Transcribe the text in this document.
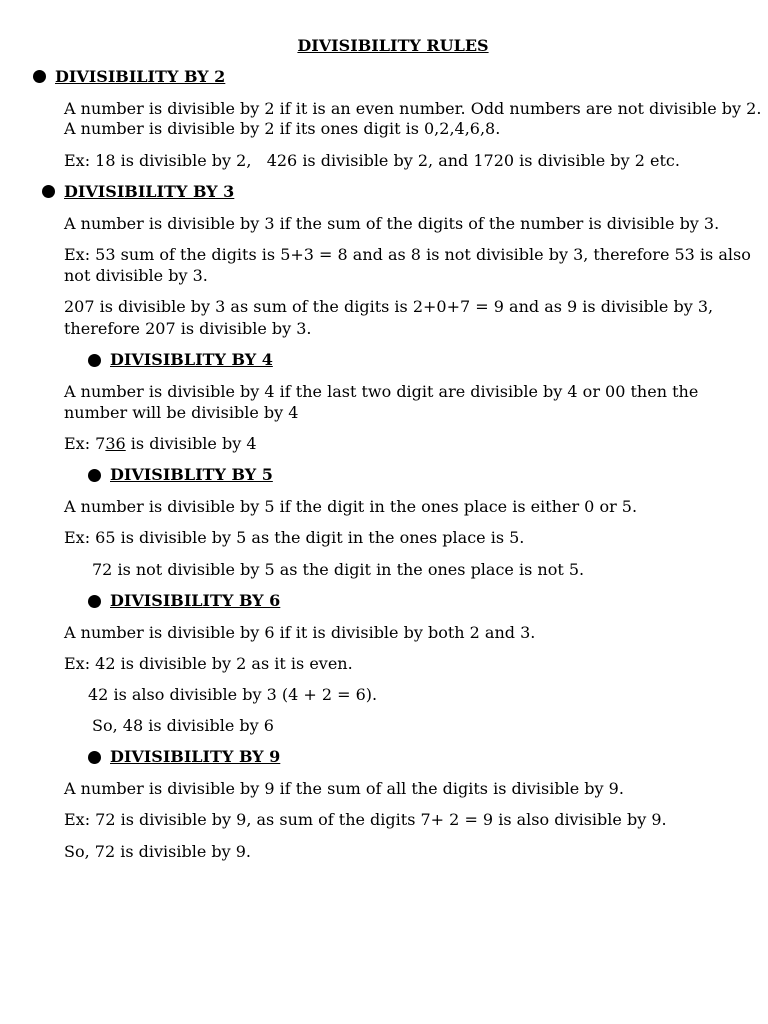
DIVISIBILITY RULES
DIVISIBILITY BY 2
A number is divisible by 2 if it is an even number. Odd numbers are not divisible by 2.
A number is divisible by 2 if its ones digit is 0,2,4,6,8.
Ex: 18 is divisible by 2,   426 is divisible by 2, and 1720 is divisible by 2 etc.
DIVISIBILITY BY 3
A number is divisible by 3 if the sum of the digits of the number is divisible by 3.
Ex: 53 sum of the digits is 5+3 = 8 and as 8 is not divisible by 3, therefore 53 is also
not divisible by 3.
207 is divisible by 3 as sum of the digits is 2+0+7 = 9 and as 9 is divisible by 3,
therefore 207 is divisible by 3.
DIVISIBLITY BY 4
A number is divisible by 4 if the last two digit are divisible by 4 or 00 then the
number will be divisible by 4
Ex: 736 is divisible by 4
DIVISIBLITY BY 5
A number is divisible by 5 if the digit in the ones place is either 0 or 5.
Ex: 65 is divisible by 5 as the digit in the ones place is 5.
72 is not divisible by 5 as the digit in the ones place is not 5.
DIVISIBILITY BY 6
A number is divisible by 6 if it is divisible by both 2 and 3.
Ex: 42 is divisible by 2 as it is even.
42 is also divisible by 3 (4 + 2 = 6).
So, 48 is divisible by 6
DIVISIBILITY BY 9
A number is divisible by 9 if the sum of all the digits is divisible by 9.
Ex: 72 is divisible by 9, as sum of the digits 7+ 2 = 9 is also divisible by 9.
So, 72 is divisible by 9.
